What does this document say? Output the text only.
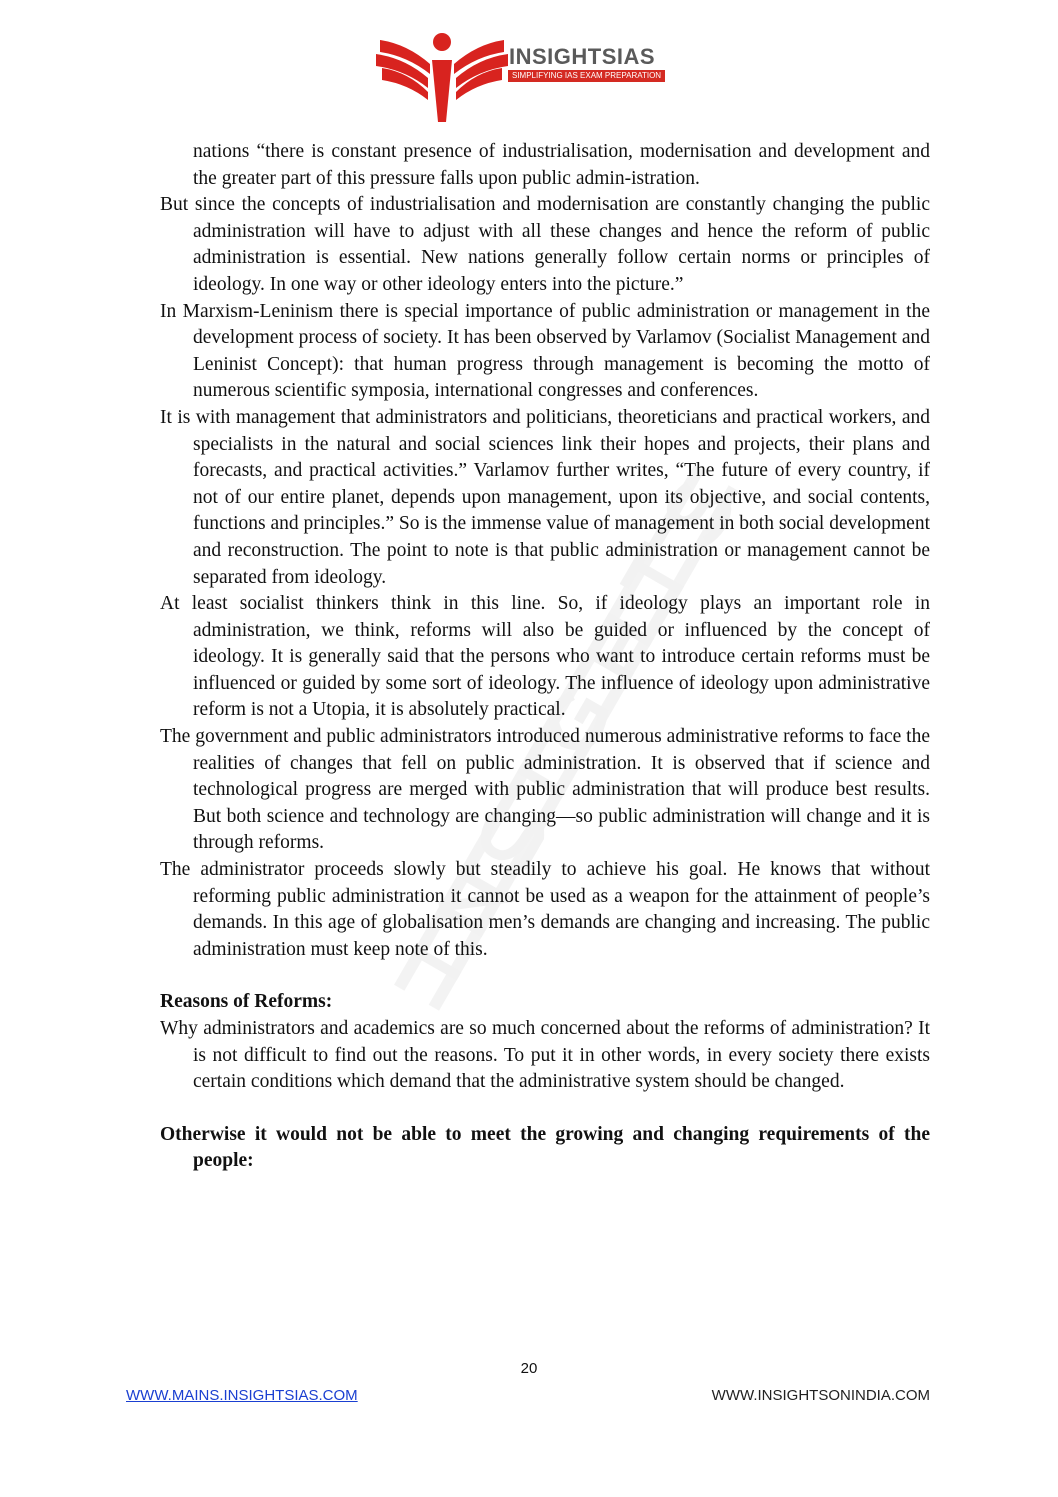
INSIGHTSIAS
SIMPLIFYING IAS EXAM PREPARATION

nations “there is constant presence of industrialisation, modernisation and development and the greater part of this pressure falls upon public admin-istration.

But since the concepts of industrialisation and modernisation are constantly changing the public administration will have to adjust with all these changes and hence the reform of public administration is essential. New nations generally follow certain norms or principles of ideology. In one way or other ideology enters into the picture.”

In Marxism-Leninism there is special importance of public administration or management in the development process of society. It has been observed by Varlamov (Socialist Management and Leninist Concept): that human progress through management is becoming the motto of numerous scientific symposia, international congresses and conferences.

It is with management that administrators and politicians, theoreticians and practical workers, and specialists in the natural and social sciences link their hopes and projects, their plans and forecasts, and practical activities.” Varlamov further writes, “The future of every country, if not of our entire planet, depends upon management, upon its objective, and social contents, functions and principles.” So is the immense value of management in both social development and reconstruction. The point to note is that public administration or management cannot be separated from ideology.

At least socialist thinkers think in this line. So, if ideology plays an important role in administration, we think, reforms will also be guided or influenced by the concept of ideology. It is generally said that the persons who want to introduce certain reforms must be influenced or guided by some sort of ideology. The influence of ideology upon administrative reform is not a Utopia, it is absolutely practical.

The government and public administrators introduced numerous administrative reforms to face the realities of changes that fell on public administration. It is observed that if science and technological progress are merged with public administration that will produce best results. But both science and technology are changing—so public administration will change and it is through reforms.

The administrator proceeds slowly but steadily to achieve his goal. He knows that without reforming public administration it cannot be used as a weapon for the attainment of people’s demands. In this age of globalisation men’s demands are changing and increasing. The public administration must keep note of this.

Reasons of Reforms:

Why administrators and academics are so much concerned about the reforms of administration? It is not difficult to find out the reasons. To put it in other words, in every society there exists certain conditions which demand that the administrative system should be changed.

Otherwise it would not be able to meet the growing and changing requirements of the people:

20
WWW.MAINS.INSIGHTSIAS.COM	WWW.INSIGHTSONINDIA.COM
